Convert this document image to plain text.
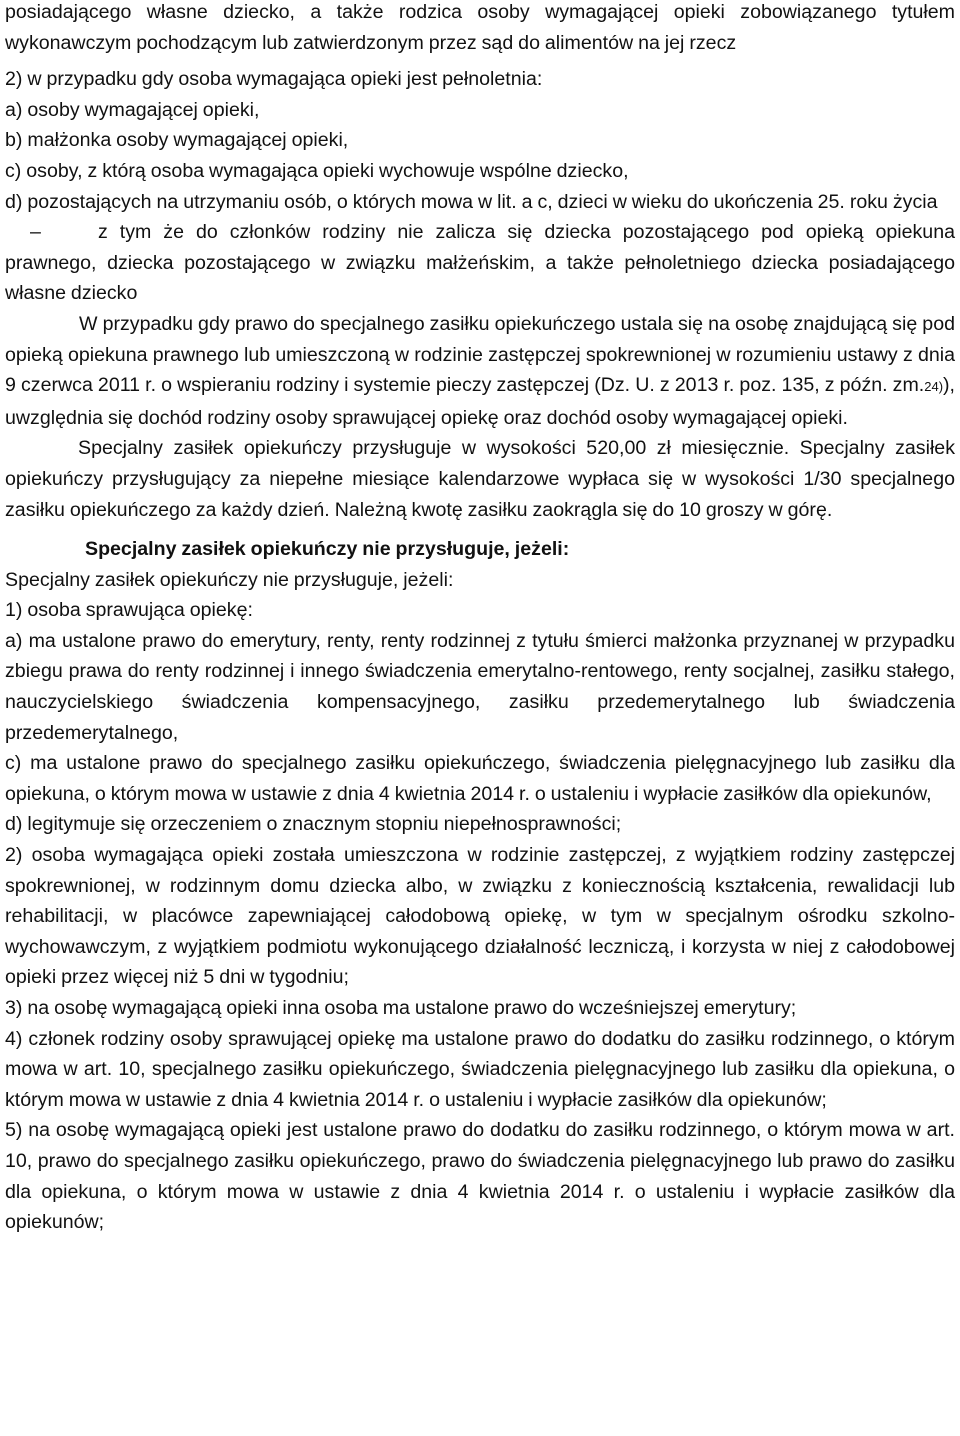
posiadającego własne dziecko, a także rodzica osoby wymagającej opieki zobowiązanego tytułem wykonawczym pochodzącym lub zatwierdzonym przez sąd do alimentów na jej rzecz

2) w przypadku gdy osoba wymagająca opieki jest pełnoletnia:

a) osoby wymagającej opieki,

b) małżonka osoby wymagającej opieki,

c) osoby, z którą osoba wymagająca opieki wychowuje wspólne dziecko,

d) pozostających na utrzymaniu osób, o których mowa w lit. a c, dzieci w wieku do ukończenia 25. roku życia

–	z tym że do członków rodziny nie zalicza się dziecka pozostającego pod opieką opiekuna prawnego, dziecka pozostającego w związku małżeńskim, a także pełnoletniego dziecka posiadającego własne dziecko

W przypadku gdy prawo do specjalnego zasiłku opiekuńczego ustala się na osobę znajdującą się pod opieką opiekuna prawnego lub umieszczoną w rodzinie zastępczej spokrewnionej w rozumieniu ustawy z dnia 9 czerwca 2011 r. o wspieraniu rodziny i systemie pieczy zastępczej (Dz. U. z 2013 r. poz. 135, z późn. zm.24)), uwzględnia się dochód rodziny osoby sprawującej opiekę oraz dochód osoby wymagającej opieki.

Specjalny zasiłek opiekuńczy przysługuje w wysokości 520,00 zł miesięcznie. Specjalny zasiłek opiekuńczy przysługujący za niepełne miesiące kalendarzowe wypłaca się w wysokości 1/30 specjalnego zasiłku opiekuńczego za każdy dzień. Należną kwotę zasiłku zaokrągla się do 10 groszy w górę.

Specjalny zasiłek opiekuńczy nie przysługuje, jeżeli:

Specjalny zasiłek opiekuńczy nie przysługuje, jeżeli:

1) osoba sprawująca opiekę:

a) ma ustalone prawo do emerytury, renty, renty rodzinnej z tytułu śmierci małżonka przyznanej w przypadku zbiegu prawa do renty rodzinnej i innego świadczenia emerytalno-rentowego, renty socjalnej, zasiłku stałego, nauczycielskiego świadczenia kompensacyjnego, zasiłku przedemerytalnego lub świadczenia przedemerytalnego,

c) ma ustalone prawo do specjalnego zasiłku opiekuńczego, świadczenia pielęgnacyjnego lub zasiłku dla opiekuna, o którym mowa w ustawie z dnia 4 kwietnia 2014 r. o ustaleniu i wypłacie zasiłków dla opiekunów,

d) legitymuje się orzeczeniem o znacznym stopniu niepełnosprawności;

2) osoba wymagająca opieki została umieszczona w rodzinie zastępczej, z wyjątkiem rodziny zastępczej spokrewnionej, w rodzinnym domu dziecka albo, w związku z koniecznością kształcenia, rewalidacji lub rehabilitacji, w placówce zapewniającej całodobową opiekę, w tym w specjalnym ośrodku szkolno-wychowawczym, z wyjątkiem podmiotu wykonującego działalność leczniczą, i korzysta w niej z całodobowej opieki przez więcej niż 5 dni w tygodniu;

3) na osobę wymagającą opieki inna osoba ma ustalone prawo do wcześniejszej emerytury;

4) członek rodziny osoby sprawującej opiekę ma ustalone prawo do dodatku do zasiłku rodzinnego, o którym mowa w art. 10, specjalnego zasiłku opiekuńczego, świadczenia pielęgnacyjnego lub zasiłku dla opiekuna, o którym mowa w ustawie z dnia 4 kwietnia 2014 r. o ustaleniu i wypłacie zasiłków dla opiekunów;

5) na osobę wymagającą opieki jest ustalone prawo do dodatku do zasiłku rodzinnego, o którym mowa w art. 10, prawo do specjalnego zasiłku opiekuńczego, prawo do świadczenia pielęgnacyjnego lub prawo do zasiłku dla opiekuna, o którym mowa w ustawie z dnia 4 kwietnia 2014 r. o ustaleniu i wypłacie zasiłków dla opiekunów;
